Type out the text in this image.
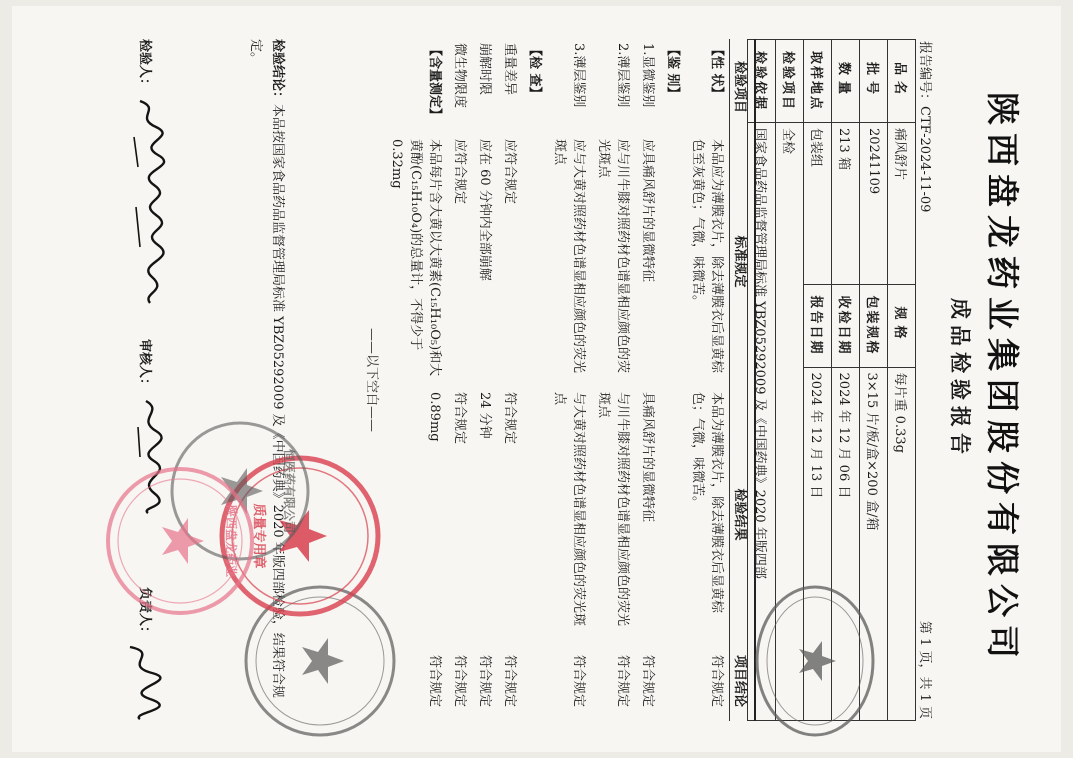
陕西盘龙药业集团股份有限公司
成品检验报告
报告编号：CTF-2024-11-09
第 1 页，共 1 页
品名	痛风舒片	规格	每片重 0.33g
批号	20241109	包装规格	3×15 片/板/盒×200 盒/箱
数量	213 箱	收检日期	2024 年 12 月 06 日
取样地点	包装组	报告日期	2024 年 12 月 13 日
检验项目	全检		
检验依据	国家食品药品监督管理局标准 YBZ05292009 及《中国药典》2020 年版四部		
检验项目	标准规定	检验结果	项目结论
【性 状】	本品应为薄膜衣片，除去薄膜衣后显黄棕色至灰黄色；气微，味微苦。	本品为薄膜衣片，除去薄膜衣后显黄棕色；气微，味微苦。	符合规定
【鉴 别】			
1.显微鉴别	应具痛风舒片的显微特征	具痛风舒片的显微特征	符合规定
2.薄层鉴别	应与川牛膝对照药材色谱显相应颜色的荧光斑点	与川牛膝对照药材色谱显相应颜色的荧光斑点	符合规定
3.薄层鉴别	应与大黄对照药材色谱显相应颜色的荧光斑点	与大黄对照药材色谱显相应颜色的荧光斑点	符合规定
【检 查】			
重量差异	应符合规定	符合规定	符合规定
崩解时限	应在 60 分钟内全部崩解	24 分钟	符合规定
微生物限度	应符合规定	符合规定	符合规定
【含量测定】	本品每片含大黄以大黄素(C₁₅H₁₀O₅)和大黄酚(C₁₅H₁₀O₄)的总量计，不得少于 0.32mg	0.89mg	符合规定
——以下空白——			
检验结论：本品按国家食品药品监督管理局标准 YBZ05292009 及《中国药典》2020 年版四部检验，结果符合规定。
检验人：
审核人：
负责人：
质量专用章
恒医药有限公司
陕西盘龙药业
